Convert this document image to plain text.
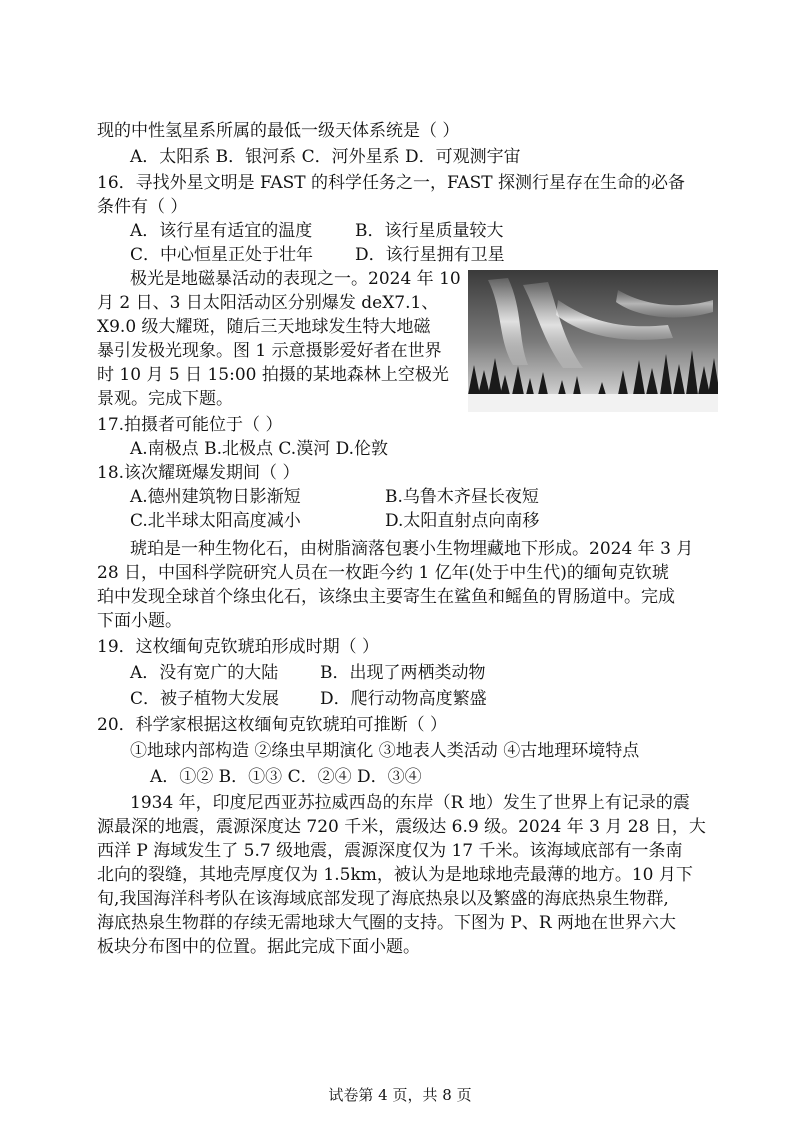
现的中性氢星系所属的最低一级天体系统是（ ）
A．太阳系 B．银河系 C．河外星系 D．可观测宇宙
16．寻找外星文明是 FAST 的科学任务之一，FAST 探测行星存在生命的必备
条件有（ ）
A．该行星有适宜的温度	B．该行星质量较大
C．中心恒星正处于壮年 D．该行星拥有卫星
极光是地磁暴活动的表现之一。2024 年 10
月 2 日、3 日太阳活动区分别爆发 deX7.1、
X9.0 级大耀斑，随后三天地球发生特大地磁
暴引发极光现象。图 1 示意摄影爱好者在世界
时 10 月 5 日 15:00 拍摄的某地森林上空极光
景观。完成下题。
17.拍摄者可能位于（ ）
A.南极点 B.北极点 C.漠河 D.伦敦
18.该次耀斑爆发期间（ ）
A.德州建筑物日影渐短	B.乌鲁木齐昼长夜短
C.北半球太阳高度减小	D.太阳直射点向南移
琥珀是一种生物化石，由树脂滴落包裹小生物埋藏地下形成。2024 年 3 月
28 日，中国科学院研究人员在一枚距今约 1 亿年(处于中生代)的缅甸克钦琥
珀中发现全球首个绦虫化石，该绦虫主要寄生在鲨鱼和鳐鱼的胃肠道中。完成
下面小题。
19．这枚缅甸克钦琥珀形成时期（ ）
A．没有宽广的大陆 B．出现了两栖类动物
C．被子植物大发展 D．爬行动物高度繁盛
20．科学家根据这枚缅甸克钦琥珀可推断（ ）
①地球内部构造 ②绦虫早期演化 ③地表人类活动 ④古地理环境特点
A．①② B．①③ C．②④ D．③④
1934 年，印度尼西亚苏拉威西岛的东岸（R 地）发生了世界上有记录的震
源最深的地震，震源深度达 720 千米，震级达 6.9 级。2024 年 3 月 28 日，大
西洋 P 海域发生了 5.7 级地震，震源深度仅为 17 千米。该海域底部有一条南
北向的裂缝，其地壳厚度仅为 1.5km，被认为是地球地壳最薄的地方。10 月下
旬,我国海洋科考队在该海域底部发现了海底热泉以及繁盛的海底热泉生物群,
海底热泉生物群的存续无需地球大气圈的支持。下图为 P、R 两地在世界六大
板块分布图中的位置。据此完成下面小题。
试卷第 4 页，共 8 页
